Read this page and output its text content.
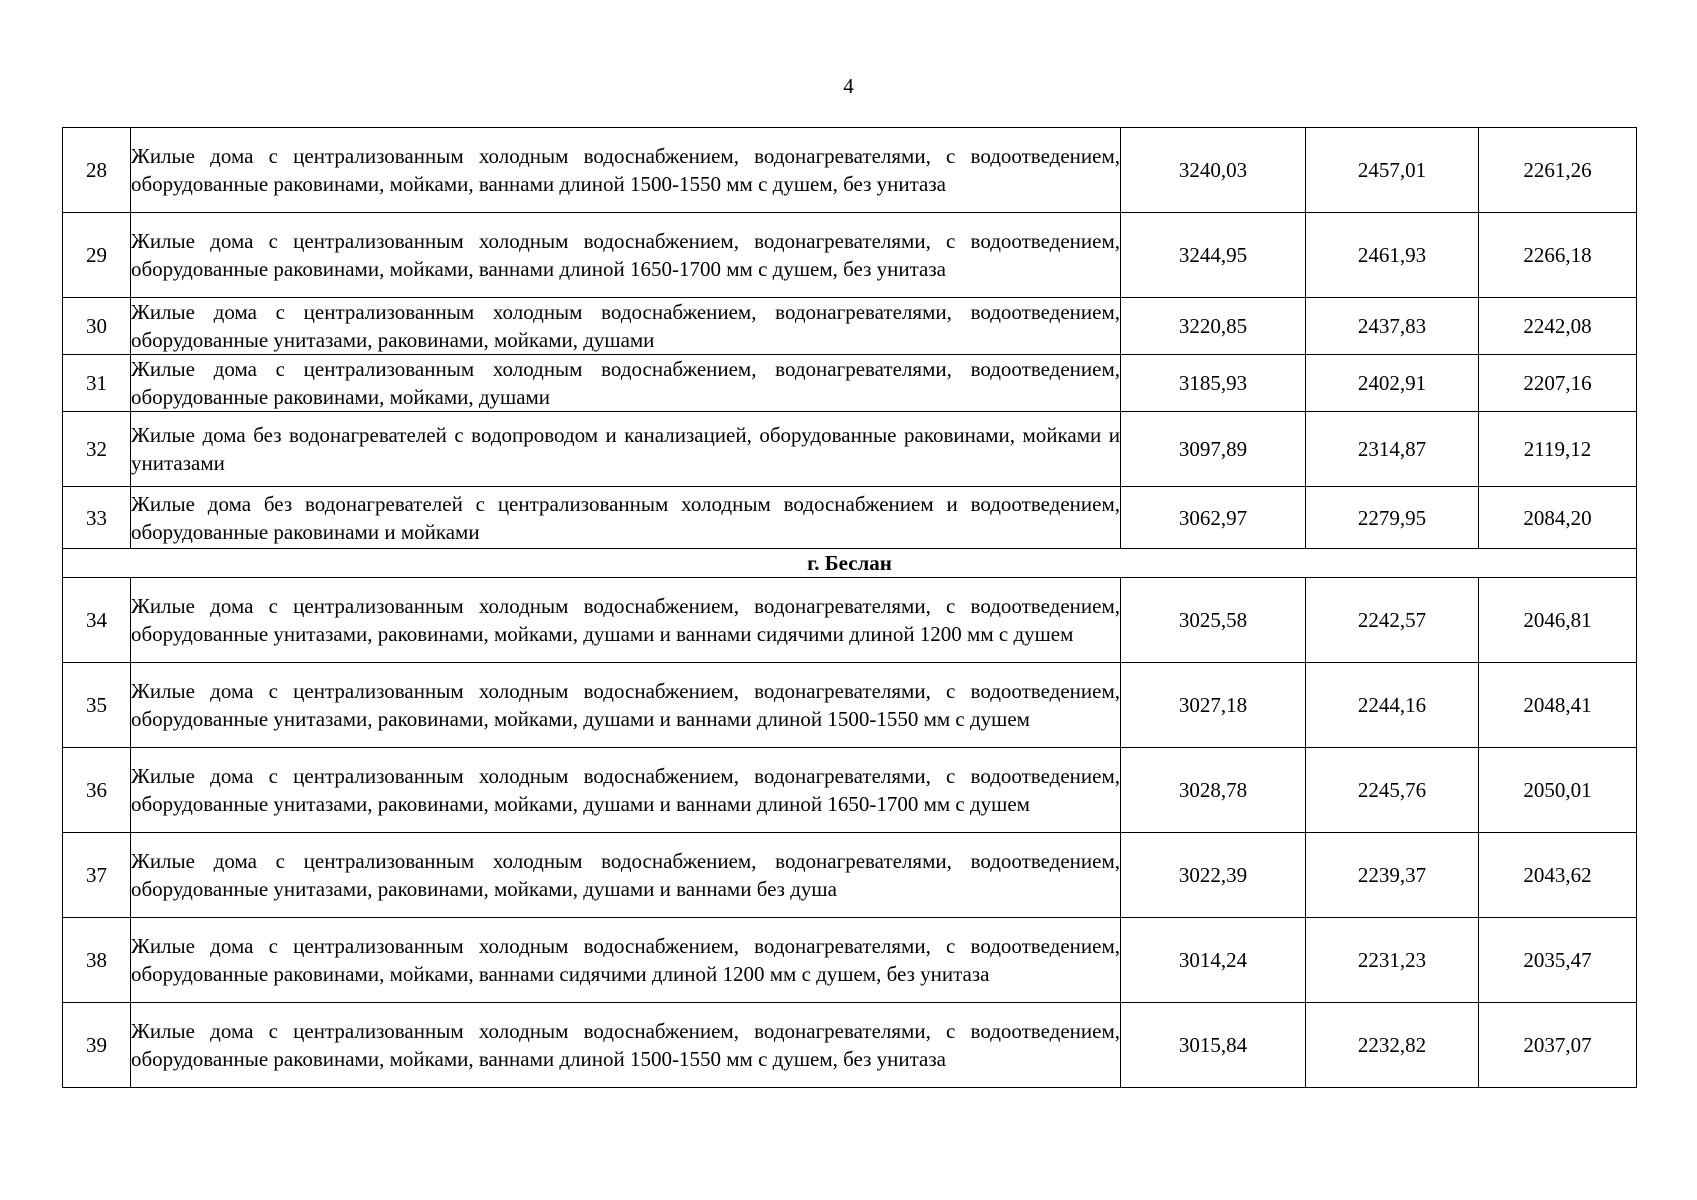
4
28	Жилые дома с централизованным холодным водоснабжением, водонагревателями, с водоотведением, оборудованные раковинами, мойками, ваннами длиной 1500-1550 мм с душем, без унитаза	3240,03	2457,01	2261,26
29	Жилые дома с централизованным холодным водоснабжением, водонагревателями, с водоотведением, оборудованные раковинами, мойками, ваннами длиной 1650-1700 мм с душем, без унитаза	3244,95	2461,93	2266,18
30	Жилые дома с централизованным холодным водоснабжением, водонагревателями, водоотведением, оборудованные унитазами, раковинами, мойками, душами	3220,85	2437,83	2242,08
31	Жилые дома с централизованным холодным водоснабжением, водонагревателями, водоотведением, оборудованные раковинами, мойками, душами	3185,93	2402,91	2207,16
32	Жилые дома без водонагревателей с водопроводом и канализацией, оборудованные раковинами, мойками и унитазами	3097,89	2314,87	2119,12
33	Жилые дома без водонагревателей с централизованным холодным водоснабжением и водоотведением, оборудованные раковинами и мойками	3062,97	2279,95	2084,20
г. Беслан				
34	Жилые дома с централизованным холодным водоснабжением, водонагревателями, с водоотведением, оборудованные унитазами, раковинами, мойками, душами и ваннами сидячими длиной 1200 мм с душем	3025,58	2242,57	2046,81
35	Жилые дома с централизованным холодным водоснабжением, водонагревателями, с водоотведением, оборудованные унитазами, раковинами, мойками, душами и ваннами длиной 1500-1550 мм с душем	3027,18	2244,16	2048,41
36	Жилые дома с централизованным холодным водоснабжением, водонагревателями, с водоотведением, оборудованные унитазами, раковинами, мойками, душами и ваннами длиной 1650-1700 мм с душем	3028,78	2245,76	2050,01
37	Жилые дома с централизованным холодным водоснабжением, водонагревателями, водоотведением, оборудованные унитазами, раковинами, мойками, душами и ваннами без душа	3022,39	2239,37	2043,62
38	Жилые дома с централизованным холодным водоснабжением, водонагревателями, с водоотведением, оборудованные раковинами, мойками, ваннами сидячими длиной 1200 мм с душем, без унитаза	3014,24	2231,23	2035,47
39	Жилые дома с централизованным холодным водоснабжением, водонагревателями, с водоотведением, оборудованные раковинами, мойками, ваннами длиной 1500-1550 мм с душем, без унитаза	3015,84	2232,82	2037,07
